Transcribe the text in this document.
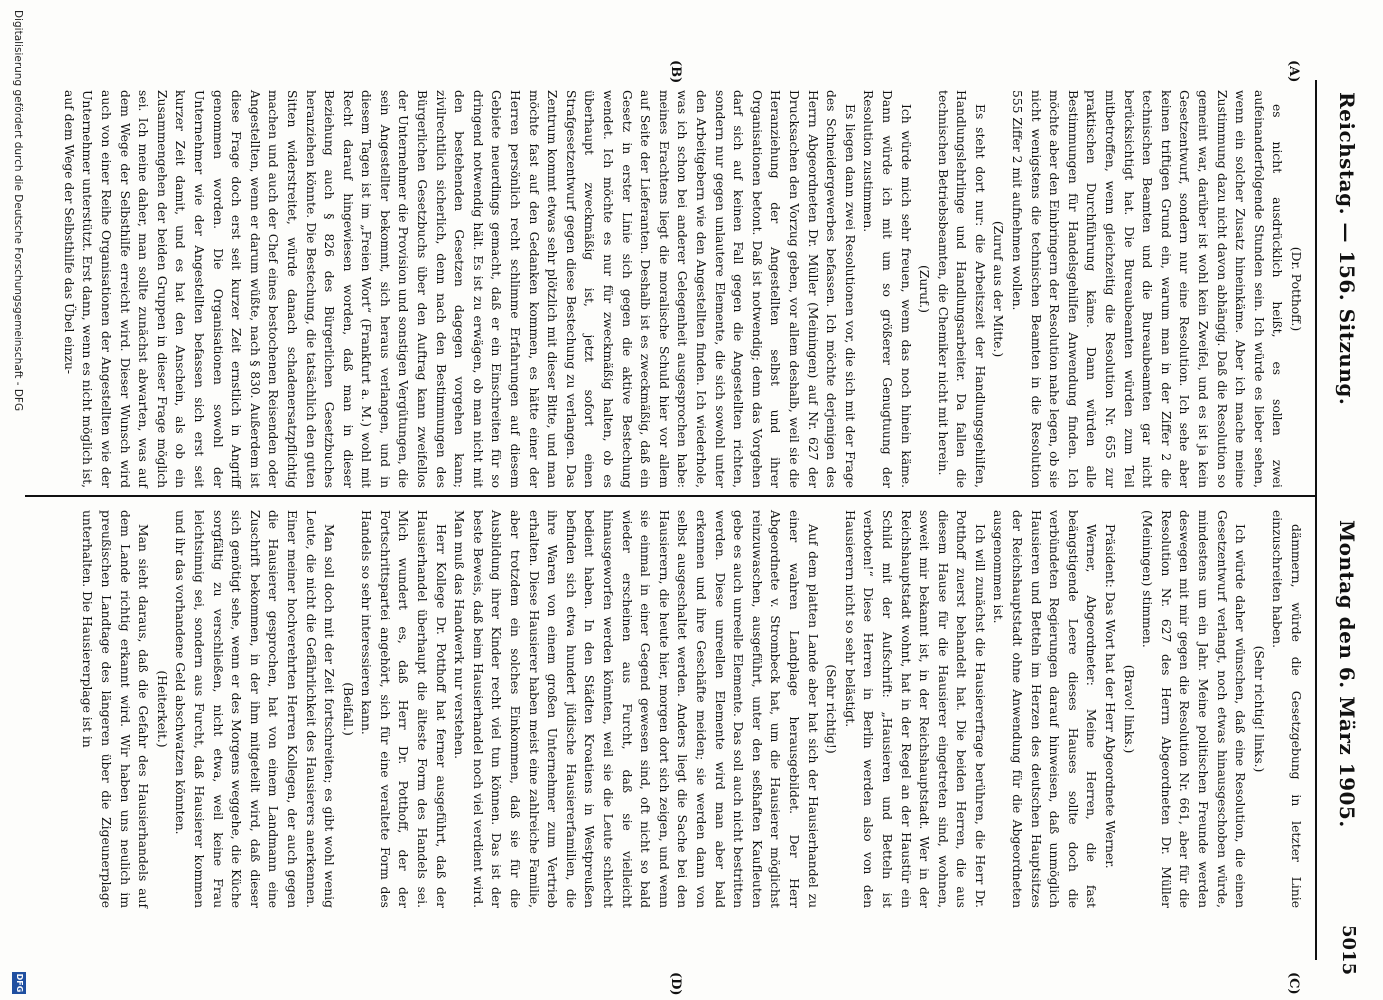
Reichstag. — 156. Sitzung.
Montag den 6. März 1905.
5015
(A)
(B)
(C)
(D)

(Dr. Potthoff.)

es nicht ausdrücklich heißt, es sollen zwei aufeinanderfolgende Stunden sein. Ich würde es lieber sehen, wenn ein solcher Zusatz hineinkäme. Aber ich mache meine Zustimmung dazu nicht davon abhängig. Daß die Resolution so gemeint war, darüber ist wohl kein Zweifel, und es ist ja kein Gesetzentwurf, sondern nur eine Resolution. Ich sehe aber keinen triftigen Grund ein, warum man in der Ziffer 2 die technischen Beamten und die Bureaubeamten gar nicht berücksichtigt hat. Die Bureaubeamten würden zum Teil mitbetroffen, wenn gleichzeitig die Resolution Nr. 655 zur praktischen Durchführung käme. Dann würden alle Bestimmungen für Handelsgehilfen Anwendung finden. Ich möchte aber den Einbringern der Resolution nahe legen, ob sie nicht wenigstens die technischen Beamten in die Resolution 555 Ziffer 2 mit aufnehmen wollen.

(Zuruf aus der Mitte.)

Es steht dort nur: die Arbeitszeit der Handlungsgehilfen, Handlungslehrlinge und Handlungsarbeiter. Da fallen die technischen Betriebsbeamten, die Chemiker nicht mit herein.

(Zuruf.)

Ich würde mich sehr freuen, wenn das noch hinein käme. Dann würde ich mit um so größerer Genugtuung der Resolution zustimmen.

Es liegen dann zwei Resolutionen vor, die sich mit der Frage des Schneidergewerbes befassen. Ich möchte derjenigen des Herrn Abgeordneten Dr. Müller (Meiningen) auf Nr. 627 der Drucksachen den Vorzug geben, vor allem deshalb, weil sie die Heranziehung der Angestellten selbst und ihrer Organisationen betont. Daß ist notwendig; denn das Vorgehen darf sich auf keinen Fall gegen die Angestellten richten, sondern nur gegen unlautere Elemente, die sich sowohl unter den Arbeitgebern wie den Angestellten finden. Ich wiederhole, was ich schon bei anderer Gelegenheit ausgesprochen habe: meines Erachtens liegt die moralische Schuld hier vor allem auf Seite der Lieferanten. Deshalb ist es zweckmäßig, daß ein Gesetz in erster Linie sich gegen die aktive Bestechung wendet. Ich möchte es nur für zweckmäßig halten, ob es überhaupt zweckmäßig ist, jetzt sofort einen Strafgesetzentwurf gegen diese Bestechung zu verlangen. Das Zentrum kommt etwas sehr plötzlich mit dieser Bitte, und man möchte fast auf den Gedanken kommen, es hätte einer der Herren persönlich recht schlimme Erfahrungen auf diesem Gebiete neuerdings gemacht, daß er ein Einschreiten für so dringend notwendig hält. Es ist zu erwägen, ob man nicht mit den bestehenden Gesetzen dagegen vorgehen kann; zivilrechtlich sicherlich, denn nach den Bestimmungen des Bürgerlichen Gesetzbuchs über den Auftrag kann zweifellos der Unternehmer die Provision und sonstigen Vergütungen, die sein Angestellter bekommt, sich heraus verlangen, und in diesem Tagen ist im „Freien Wort“ (Frankfurt a. M.) wohl mit Recht darauf hingewiesen worden, daß man in dieser Beziehung auch § 826 des Bürgerlichen Gesetzbuches heranziehen könnte. Die Bestechung, die tatsächlich den guten Sitten widerstreitet, würde danach schadenersatzpflichtig machen und auch der Chef eines bestochenen Reisenden oder Angestellten, wenn er darum wüßte, nach § 830. Außerdem ist diese Frage doch erst seit kurzer Zeit ernstlich in Angriff genommen worden. Die Organisationen sowohl der Unternehmer wie der Angestellten befassen sich erst seit kurzer Zeit damit, und es hat den Anschein, als ob ein Zusammengehen der beiden Gruppen in dieser Frage möglich sei. Ich meine daher, man sollte zunächst abwarten, was auf dem Wege der Selbsthilfe erreicht wird. Dieser Wunsch wird auch von einer Reihe Organisationen der Angestellten wie der Unternehmer unterstützt. Erst dann, wenn es nicht möglich ist, auf dem Wege der Selbsthilfe das Übel einzu-

dämmern, würde die Gesetzgebung in letzter Linie einzuschreiten haben.

(Sehr richtig! links.)

Ich würde daher wünschen, daß eine Resolution, die einen Gesetzentwurf verlangt, noch etwas hinausgeschoben würde, mindestens um ein Jahr. Meine politischen Freunde werden deswegen mit mir gegen die Resolution Nr. 661, aber für die Resolution Nr. 627 des Herrn Abgeordneten Dr. Müller (Meiningen) stimmen.

(Bravo! links.)

Präsident: Das Wort hat der Herr Abgeordnete Werner.

Werner, Abgeordneter: Meine Herren, die fast beängstigende Leere dieses Hauses sollte doch die verbündeten Regierungen darauf hinweisen, daß unmöglich Hausieren und Betteln im Herzen des deutschen Hauptsitzes der Reichshauptstadt ohne Anwendung für die Abgeordneten ausgenommen ist.

Ich will zunächst die Hausiererfrage berühren, die Herr Dr. Potthoff zuerst behandelt hat. Die beiden Herren, die aus diesem Hause für die Hausierer eingetreten sind, wohnen, soweit mir bekannt ist, in der Reichshauptstadt. Wer in der Reichshauptstadt wohnt, hat in der Regel an der Haustür ein Schild mit der Aufschrift: „Hausieren und Betteln ist verboten!“ Diese Herren in Berlin werden also von den Hausierern nicht so sehr belästigt.

(Sehr richtig!)

Auf dem platten Lande aber hat sich der Hausierhandel zu einer wahren Landplage herausgebildet. Der Herr Abgeordnete v. Strombeck hat, um die Hausierer möglichst reinzuwaschen, ausgeführt, unter den seßhaften Kaufleuten gebe es auch unreelle Elemente. Das soll auch nicht bestritten werden. Diese unreellen Elemente wird man aber bald erkennen und ihre Geschäfte meiden; sie werden dann von selbst ausgeschaltet werden. Anders liegt die Sache bei den Hausierern, die heute hier, morgen dort sich zeigen, und wenn sie einmal in einer Gegend gewesen sind, oft nicht so bald wieder erscheinen aus Furcht, daß sie vielleicht hinausgeworfen werden könnten, weil sie die Leute schlecht bedient haben. In den Städten Kroatiens in Westpreußen befinden sich etwa hundert jüdische Hausiererfamilien, die ihre Waren von einem großen Unternehmer zum Vertrieb erhalten. Diese Hausierer haben meist eine zahlreiche Familie, aber trotzdem ein solches Einkommen, daß sie für die Ausbildung ihrer Kinder recht viel tun können. Das ist der beste Beweis, daß beim Hausierhandel noch viel verdient wird. Man muß das Handwerk nur verstehen.

Herr Kollege Dr. Potthoff hat ferner ausgeführt, daß der Hausierhandel überhaupt die älteste Form des Handels sei. Mich wundert es, daß Herr Dr. Potthoff, der der Fortschrittspartei angehört, sich für eine veraltete Form des Handels so sehr interessieren kann.

(Beifall.)

Man soll doch mit der Zeit fortschreiten; es gibt wohl wenig Leute, die nicht die Gefährlichkeit des Hausierers anerkennen. Einer meiner hochverehrten Herren Kollegen, der auch gegen die Hausierer gesprochen, hat von einem Landmann eine Zuschrift bekommen, in der ihm mitgeteilt wird, daß dieser sich genötigt sehe, wenn er des Morgens weggehe, die Küche sorgfältig zu verschließen, nicht etwa, weil keine Frau leichtsinnig sei, sondern aus Furcht, daß Hausierer kommen und ihr das vorhandene Geld abschwatzen könnten.

(Heiterkeit.)

Man sieht daraus, daß die Gefahr des Hausierhandels auf dem Lande richtig erkannt wird. Wir haben uns neulich im preußischen Landtage des längeren über die Zigeunerplage unterhalten. Die Hausiererplage ist in

Digitalisierung gefördert durch die Deutsche Forschungsgemeinschaft - DFG
DFG
